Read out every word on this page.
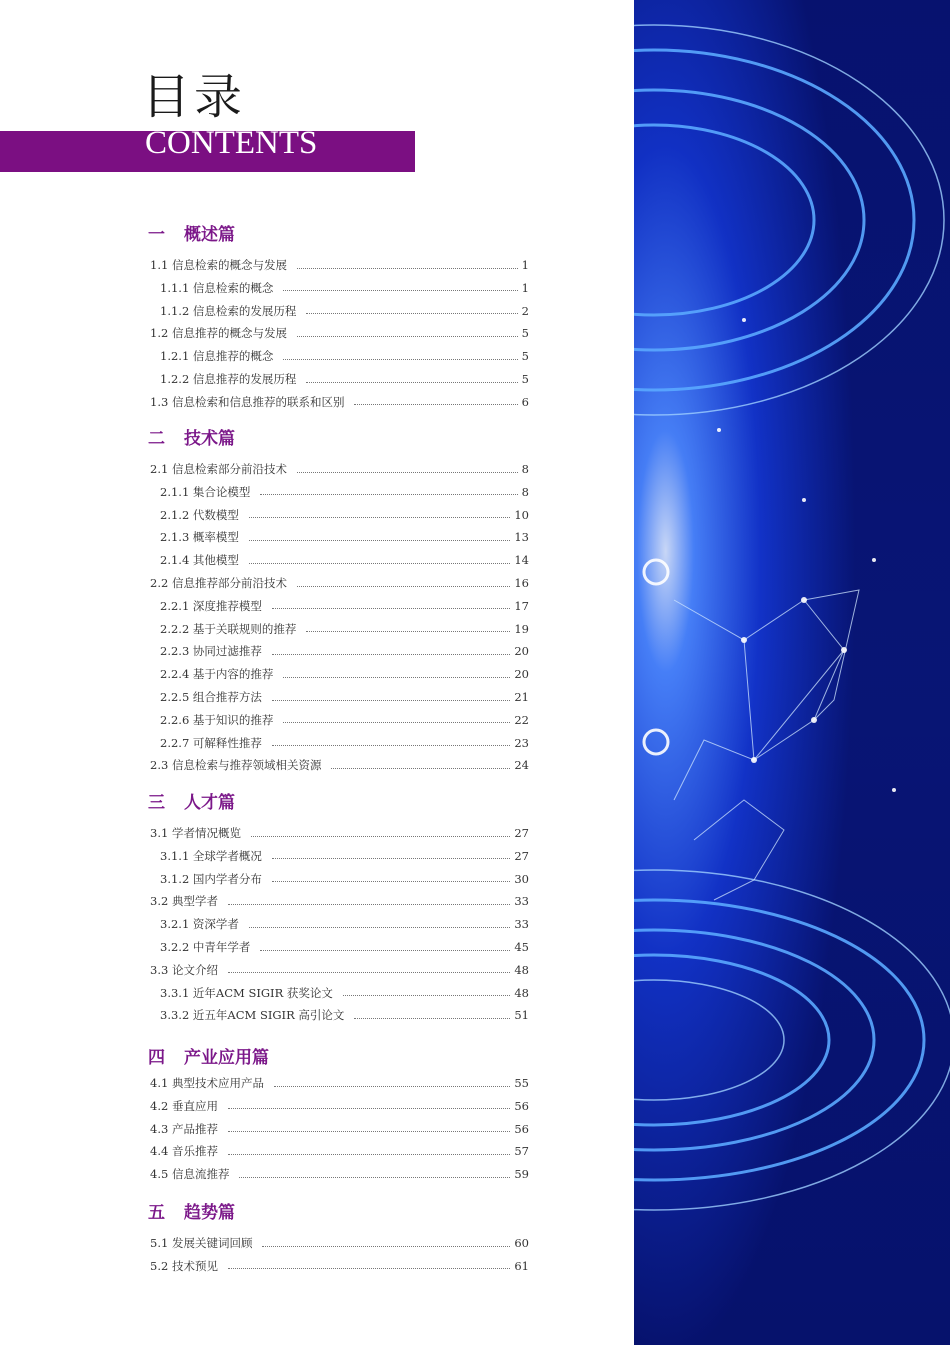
目录
CONTENTS
一	概述篇
1.1 信息检索的概念与发展	1
1.1.1 信息检索的概念	1
1.1.2 信息检索的发展历程	2
1.2 信息推荐的概念与发展	5
1.2.1 信息推荐的概念	5
1.2.2 信息推荐的发展历程	5
1.3 信息检索和信息推荐的联系和区别	6
二	技术篇
2.1 信息检索部分前沿技术	8
2.1.1 集合论模型	8
2.1.2 代数模型	10
2.1.3 概率模型	13
2.1.4 其他模型	14
2.2 信息推荐部分前沿技术	16
2.2.1 深度推荐模型	17
2.2.2 基于关联规则的推荐	19
2.2.3 协同过滤推荐	20
2.2.4 基于内容的推荐	20
2.2.5 组合推荐方法	21
2.2.6 基于知识的推荐	22
2.2.7 可解释性推荐	23
2.3 信息检索与推荐领域相关资源	24
三	人才篇
3.1 学者情况概览	27
3.1.1 全球学者概况	27
3.1.2 国内学者分布	30
3.2 典型学者	33
3.2.1 资深学者	33
3.2.2 中青年学者	45
3.3 论文介绍	48
3.3.1 近年ACM SIGIR 获奖论文	48
3.3.2 近五年ACM SIGIR 高引论文	51
四	产业应用篇
4.1 典型技术应用产品	55
4.2 垂直应用	56
4.3 产品推荐	56
4.4 音乐推荐	57
4.5 信息流推荐	59
五	趋势篇
5.1 发展关键词回顾	60
5.2 技术预见	61
